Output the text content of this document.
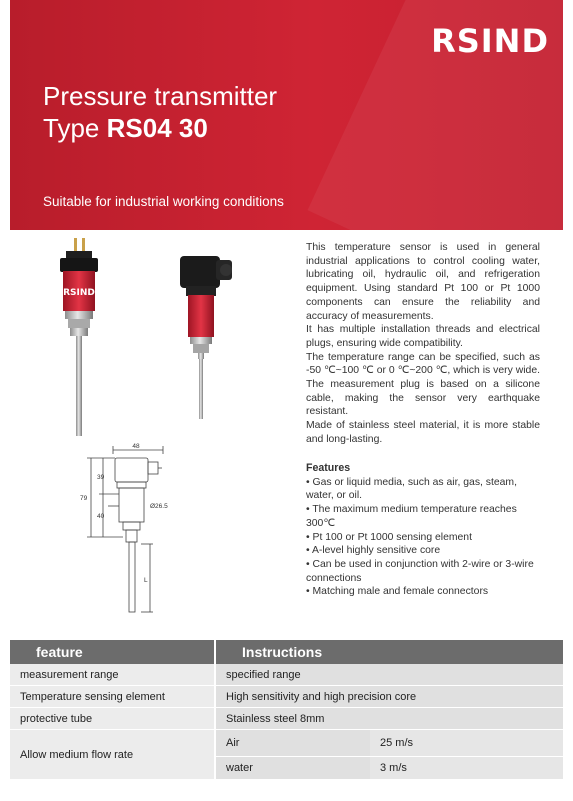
RSIND
Pressure transmitter
Type RS04 30
Suitable for industrial working conditions
RSIND
48
39
79
40
Ø26.5
L

This temperature sensor is used in general industrial applications to control cooling water, lubricating oil, hydraulic oil, and refrigeration equipment. Using standard Pt 100 or Pt 1000 components can ensure the reliability and accuracy of measurements.

It has multiple installation threads and electrical plugs, ensuring wide compatibility.

The temperature range can be specified, such as -50 ℃~100 ℃ or 0 ℃~200 ℃, which is very wide. The measurement plug is based on a silicone cable, making the sensor very earthquake resistant.

Made of stainless steel material, it is more stable and long-lasting.

Features
• Gas or liquid media, such as air, gas, steam, water, or oil.
• The maximum medium temperature reaches 300℃
• Pt 100 or Pt 1000 sensing element
• A-level highly sensitive core
• Can be used in conjunction with 2-wire or 3-wire connections
• Matching male and female connectors
feature	Instructions	
measurement range	specified range	
Temperature sensing element	High sensitivity and high precision core	
protective tube	Stainless steel 8mm	
Allow medium flow rate	Air	25 m/s
	water	3 m/s
